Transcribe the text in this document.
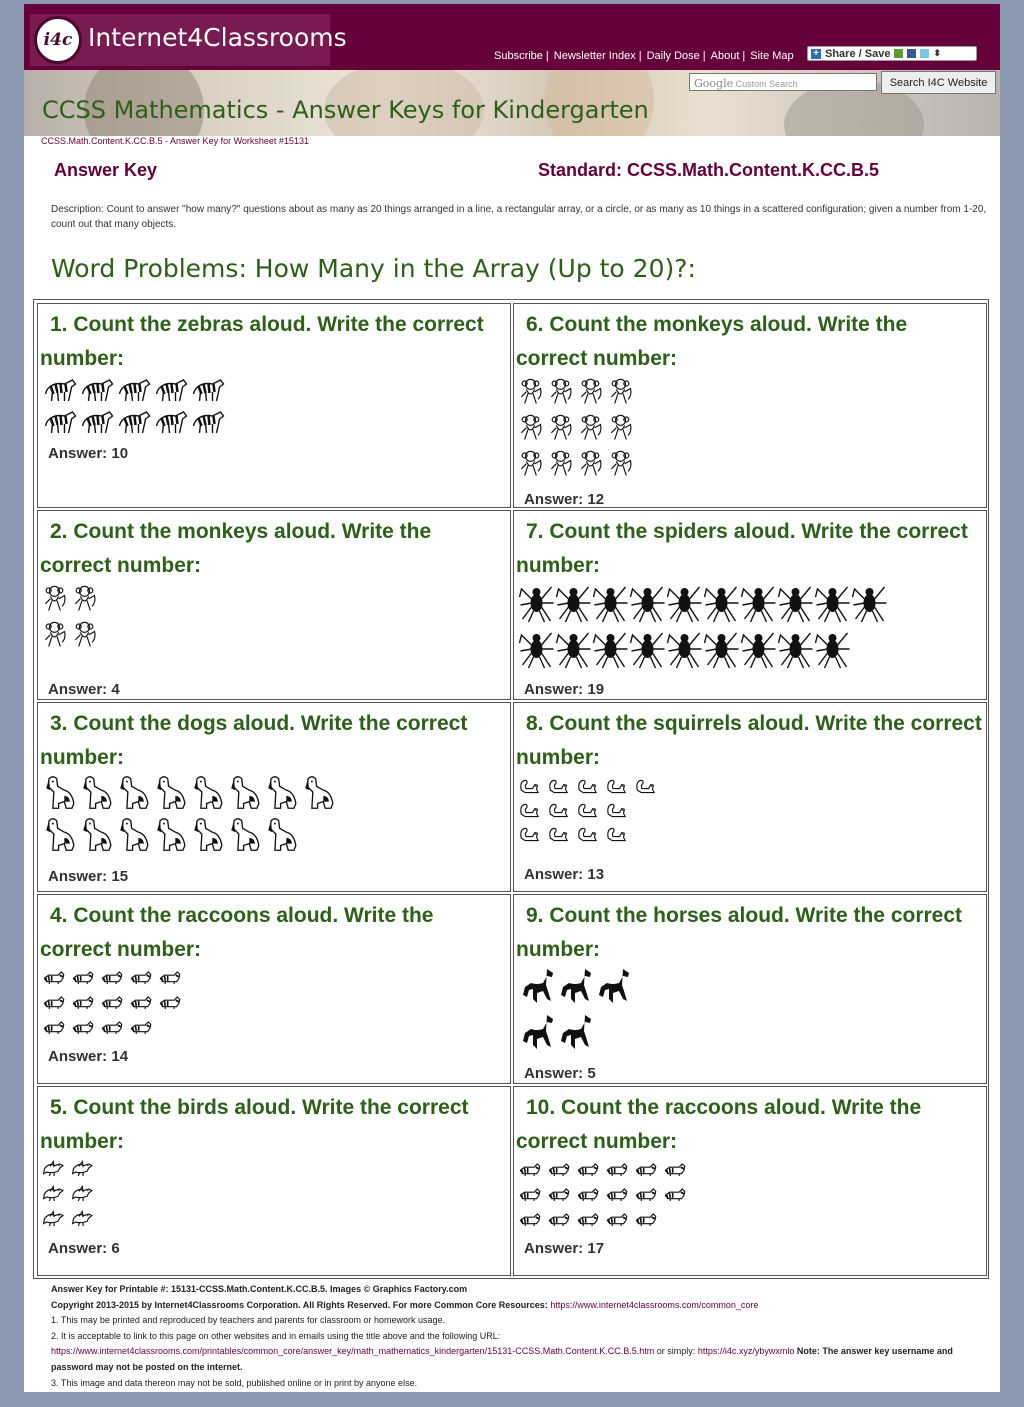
i4c Internet4Classrooms
Subscribe | Newsletter Index | Daily Dose | About | Site Map + Share / Save	⬍
Google Custom Search	Search I4C Website
CCSS Mathematics - Answer Keys for Kindergarten
CCSS.Math.Content.K.CC.B.5 - Answer Key for Worksheet #15131
Answer Key	Standard: CCSS.Math.Content.K.CC.B.5
Description: Count to answer "how many?" questions about as many as 20 things arranged in a line, a rectangular array, or a circle, or as many as 10 things in a scattered configuration; given a number from 1-20, count out that many objects.
Word Problems: How Many in the Array (Up to 20)?:
1. Count the zebras aloud. Write the correct number:
Answer: 10
6. Count the monkeys aloud. Write the correct number:
Answer: 12
2. Count the monkeys aloud. Write the correct number:
Answer: 4
7. Count the spiders aloud. Write the correct number:
Answer: 19
3. Count the dogs aloud. Write the correct number:
Answer: 15
8. Count the squirrels aloud. Write the correct number:
Answer: 13
4. Count the raccoons aloud. Write the correct number:
Answer: 14
9. Count the horses aloud. Write the correct number:
Answer: 5
5. Count the birds aloud. Write the correct number:
Answer: 6
10. Count the raccoons aloud. Write the correct number:
Answer: 17
Answer Key for Printable #: 15131-CCSS.Math.Content.K.CC.B.5. Images © Graphics Factory.com
Copyright 2013-2015 by Internet4Classrooms Corporation. All Rights Reserved. For more Common Core Resources: https://www.internet4classrooms.com/common_core
1. This may be printed and reproduced by teachers and parents for classroom or homework usage.
2. It is acceptable to link to this page on other websites and in emails using the title above and the following URL:
https://www.internet4classrooms.com/printables/common_core/answer_key/math_mathematics_kindergarten/15131-CCSS.Math.Content.K.CC.B.5.htm or simply: https://i4c.xyz/ybywxmlo Note: The answer key username and password may not be posted on the internet.
3. This image and data thereon may not be sold, published online or in print by anyone else.
